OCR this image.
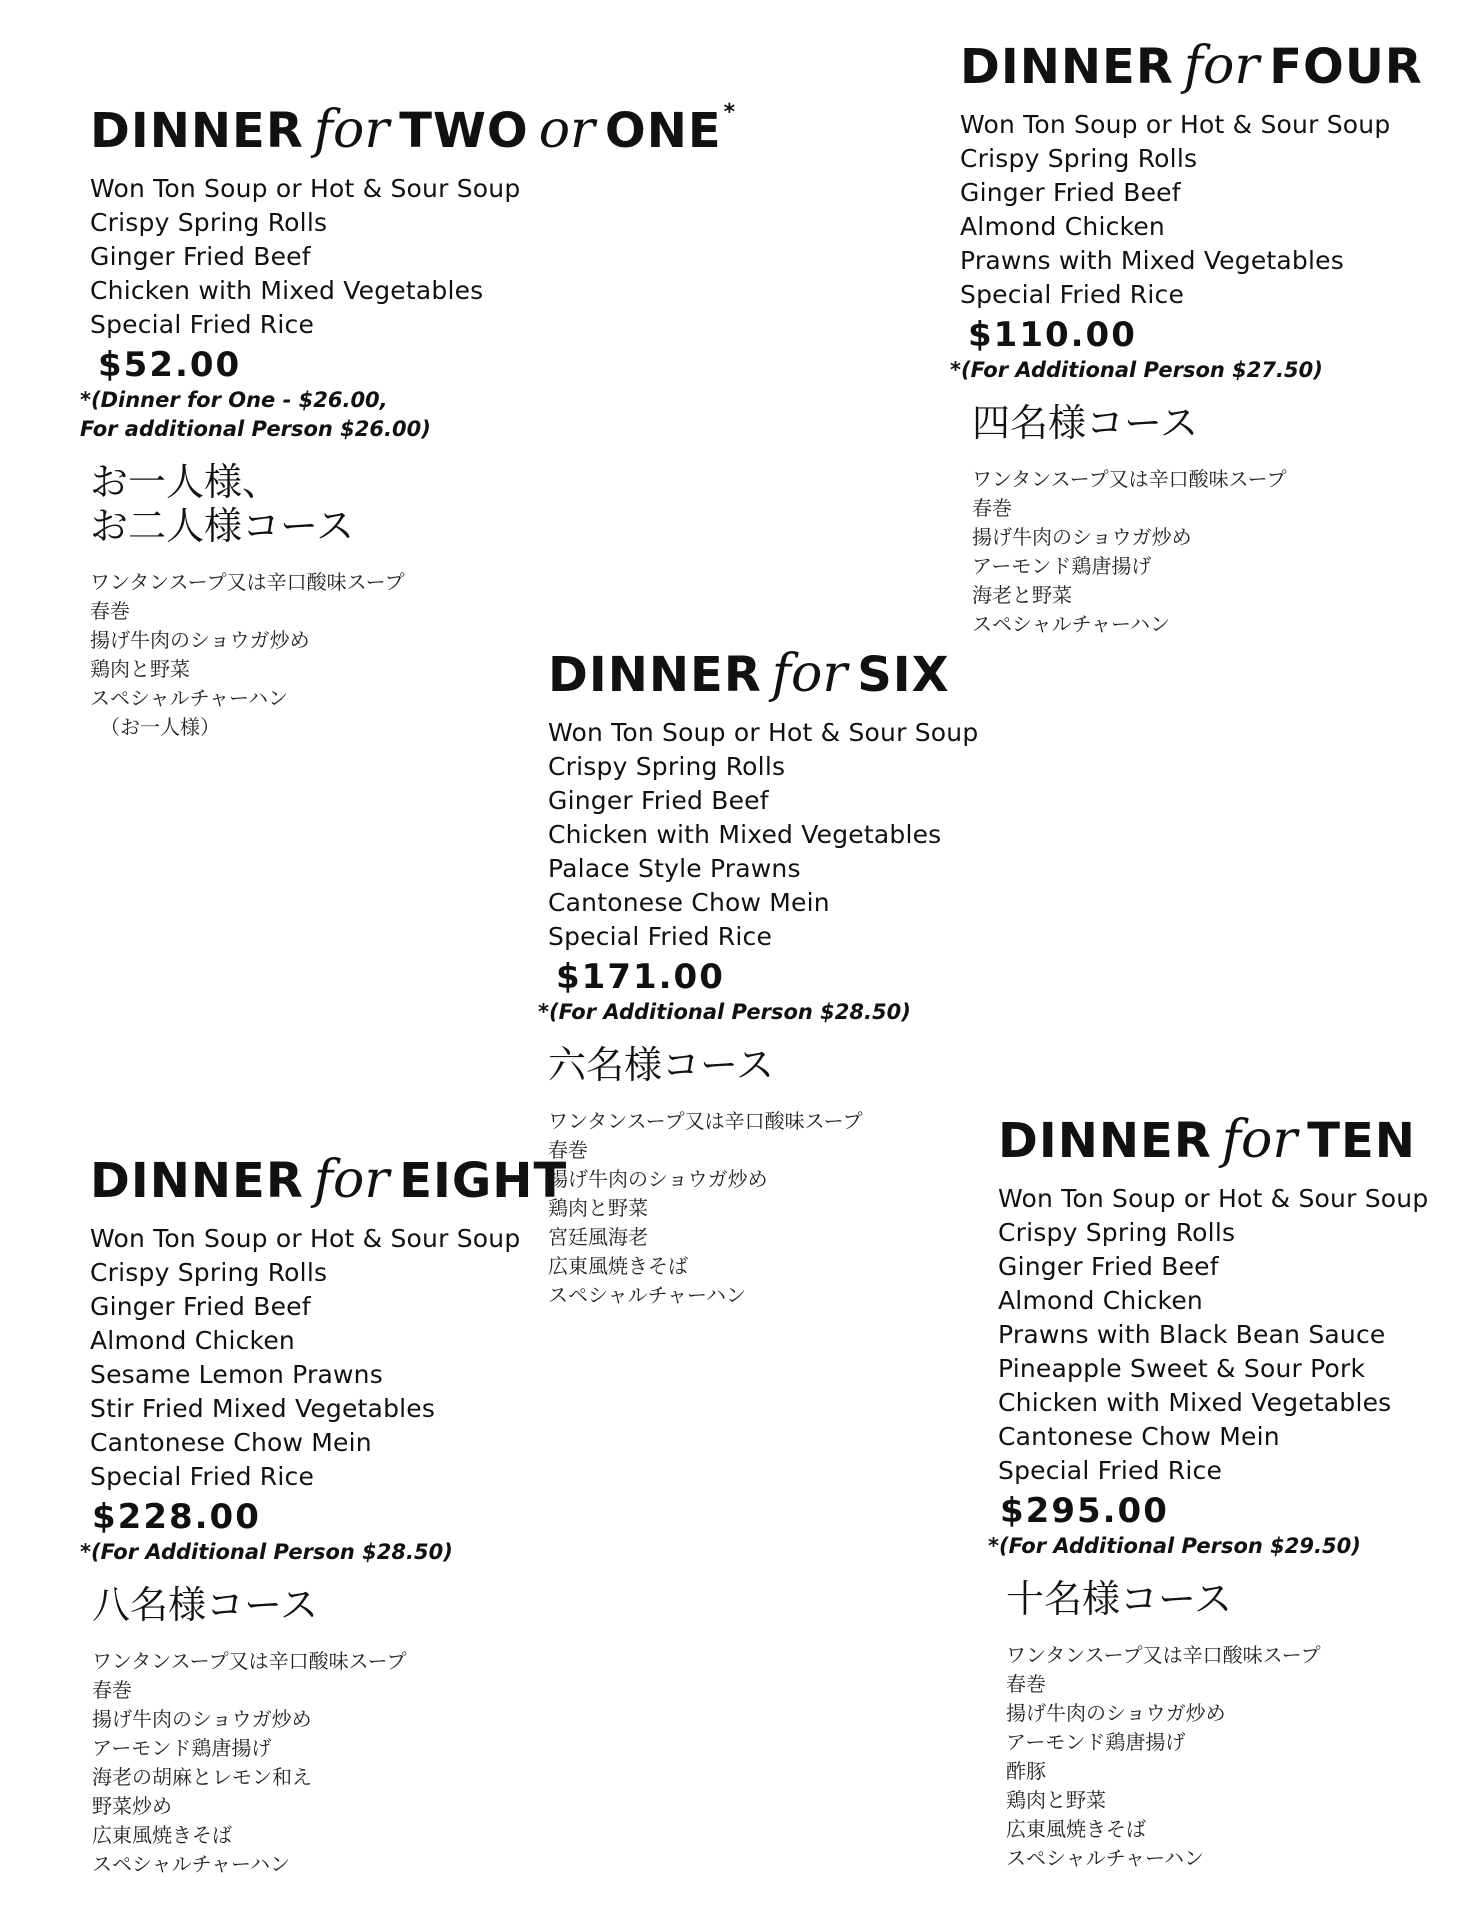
DINNER for TWO or ONE *
Won Ton Soup or Hot & Sour Soup
Crispy Spring Rolls
Ginger Fried Beef
Chicken with Mixed Vegetables
Special Fried Rice
$52.00
*(Dinner for One - $26.00,
For additional Person $26.00)
お一人様、
お二人様コース
ワンタンスープ又は辛口酸味スープ
春巻
揚げ牛肉のショウガ炒め
鶏肉と野菜
スペシャルチャーハン
（お一人様）
DINNER for FOUR
Won Ton Soup or Hot & Sour Soup
Crispy Spring Rolls
Ginger Fried Beef
Almond Chicken
Prawns with Mixed Vegetables
Special Fried Rice
$110.00
*(For Additional Person $27.50)
四名様コース
ワンタンスープ又は辛口酸味スープ
春巻
揚げ牛肉のショウガ炒め
アーモンド鶏唐揚げ
海老と野菜
スペシャルチャーハン
DINNER for SIX
Won Ton Soup or Hot & Sour Soup
Crispy Spring Rolls
Ginger Fried Beef
Chicken with Mixed Vegetables
Palace Style Prawns
Cantonese Chow Mein
Special Fried Rice
$171.00
*(For Additional Person $28.50)
六名様コース
ワンタンスープ又は辛口酸味スープ
春巻
揚げ牛肉のショウガ炒め
鶏肉と野菜
宮廷風海老
広東風焼きそば
スペシャルチャーハン
DINNER for EIGHT
Won Ton Soup or Hot & Sour Soup
Crispy Spring Rolls
Ginger Fried Beef
Almond Chicken
Sesame Lemon Prawns
Stir Fried Mixed Vegetables
Cantonese Chow Mein
Special Fried Rice
$228.00
*(For Additional Person $28.50)
八名様コース
ワンタンスープ又は辛口酸味スープ
春巻
揚げ牛肉のショウガ炒め
アーモンド鶏唐揚げ
海老の胡麻とレモン和え
野菜炒め
広東風焼きそば
スペシャルチャーハン
DINNER for TEN
Won Ton Soup or Hot & Sour Soup
Crispy Spring Rolls
Ginger Fried Beef
Almond Chicken
Prawns with Black Bean Sauce
Pineapple Sweet & Sour Pork
Chicken with Mixed Vegetables
Cantonese Chow Mein
Special Fried Rice
$295.00
*(For Additional Person $29.50)
十名様コース
ワンタンスープ又は辛口酸味スープ
春巻
揚げ牛肉のショウガ炒め
アーモンド鶏唐揚げ
酢豚
鶏肉と野菜
広東風焼きそば
スペシャルチャーハン
